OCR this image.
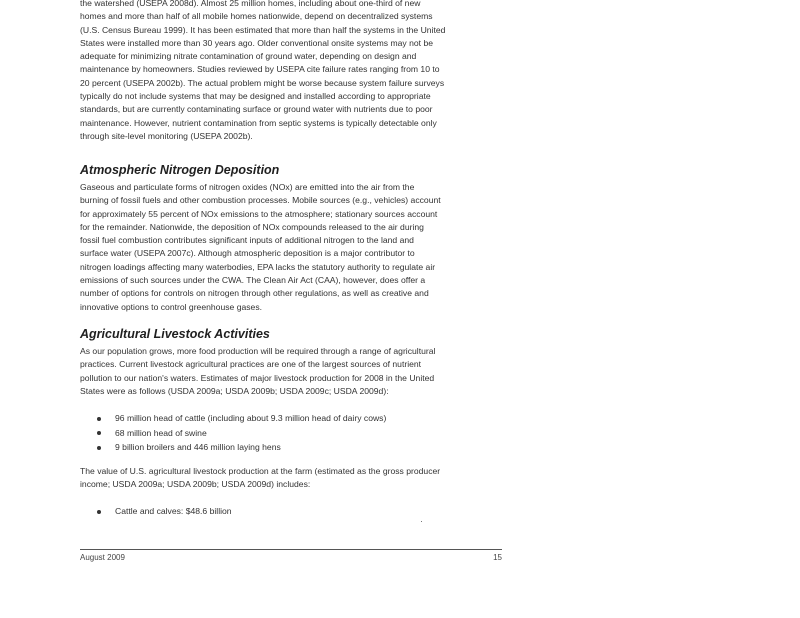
the watershed (USEPA 2008d). Almost 25 million homes, including about one-third of new

homes and more than half of all mobile homes nationwide, depend on decentralized systems

(U.S. Census Bureau 1999). It has been estimated that more than half the systems in the United

States were installed more than 30 years ago. Older conventional onsite systems may not be

adequate for minimizing nitrate contamination of ground water, depending on design and

maintenance by homeowners. Studies reviewed by USEPA cite failure rates ranging from 10 to

20 percent (USEPA 2002b). The actual problem might be worse because system failure surveys

typically do not include systems that may be designed and installed according to appropriate

standards, but are currently contaminating surface or ground water with nutrients due to poor

maintenance. However, nutrient contamination from septic systems is typically detectable only

through site-level monitoring (USEPA 2002b).

Atmospheric Nitrogen Deposition

Gaseous and particulate forms of nitrogen oxides (NOx) are emitted into the air from the

burning of fossil fuels and other combustion processes. Mobile sources (e.g., vehicles) account

for approximately 55 percent of NOx emissions to the atmosphere; stationary sources account

for the remainder. Nationwide, the deposition of NOx compounds released to the air during

fossil fuel combustion contributes significant inputs of additional nitrogen to the land and

surface water (USEPA 2007c). Although atmospheric deposition is a major contributor to

nitrogen loadings affecting many waterbodies, EPA lacks the statutory authority to regulate air

emissions of such sources under the CWA. The Clean Air Act (CAA), however, does offer a

number of options for controls on nitrogen through other regulations, as well as creative and

innovative options to control greenhouse gases.

Agricultural Livestock Activities

As our population grows, more food production will be required through a range of agricultural

practices. Current livestock agricultural practices are one of the largest sources of nutrient

pollution to our nation's waters. Estimates of major livestock production for 2008 in the United

States were as follows (USDA 2009a; USDA 2009b; USDA 2009c; USDA 2009d):

96 million head of cattle (including about 9.3 million head of dairy cows)
68 million head of swine
9 billion broilers and 446 million laying hens

The value of U.S. agricultural livestock production at the farm (estimated as the gross producer

income; USDA 2009a; USDA 2009b; USDA 2009d) includes:

Cattle and calves: $48.6 billion
August 2009	15
